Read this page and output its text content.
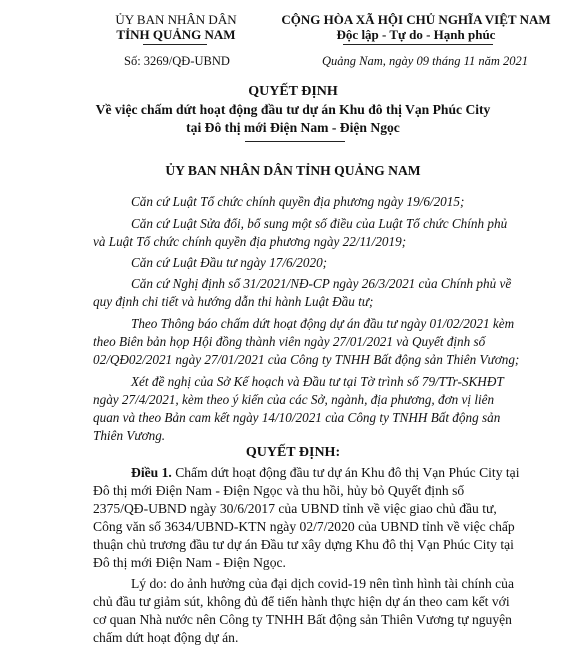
ỦY BAN NHÂN DÂN
TỈNH QUẢNG NAM
CỘNG HÒA XÃ HỘI CHỦ NGHĨA VIỆT NAM
Độc lập - Tự do - Hạnh phúc
Số: 3269/QĐ-UBND	Quảng Nam, ngày 09 tháng 11 năm 2021
QUYẾT ĐỊNH
Về việc chấm dứt hoạt động đầu tư dự án Khu đô thị Vạn Phúc City
tại Đô thị mới Điện Nam - Điện Ngọc
ỦY BAN NHÂN DÂN TỈNH QUẢNG NAM
Căn cứ Luật Tổ chức chính quyền địa phương ngày 19/6/2015;
Căn cứ Luật Sửa đổi, bổ sung một số điều của Luật Tổ chức Chính phủ
và Luật Tổ chức chính quyền địa phương ngày 22/11/2019;
Căn cứ Luật Đầu tư ngày 17/6/2020;
Căn cứ Nghị định số 31/2021/NĐ-CP ngày 26/3/2021 của Chính phủ về
quy định chi tiết và hướng dẫn thi hành Luật Đầu tư;
Theo Thông báo chấm dứt hoạt động dự án đầu tư ngày 01/02/2021 kèm
theo Biên bản họp Hội đồng thành viên ngày 27/01/2021 và Quyết định số
02/QĐ02/2021 ngày 27/01/2021 của Công ty TNHH Bất động sản Thiên Vương;
Xét đề nghị của Sở Kế hoạch và Đầu tư tại Tờ trình số 79/TTr-SKHĐT
ngày 27/4/2021, kèm theo ý kiến của các Sở, ngành, địa phương, đơn vị liên
quan và theo Bản cam kết ngày 14/10/2021 của Công ty TNHH Bất động sản
Thiên Vương.
QUYẾT ĐỊNH:
Điều 1. Chấm dứt hoạt động đầu tư dự án Khu đô thị Vạn Phúc City tại
Đô thị mới Điện Nam - Điện Ngọc và thu hồi, hủy bỏ Quyết định số
2375/QĐ-UBND ngày 30/6/2017 của UBND tỉnh về việc giao chủ đầu tư,
Công văn số 3634/UBND-KTN ngày 02/7/2020 của UBND tỉnh về việc chấp
thuận chủ trương đầu tư dự án Đầu tư xây dựng Khu đô thị Vạn Phúc City tại
Đô thị mới Điện Nam - Điện Ngọc.
Lý do: do ảnh hưởng của đại dịch covid-19 nên tình hình tài chính của
chủ đầu tư giảm sút, không đủ để tiến hành thực hiện dự án theo cam kết với
cơ quan Nhà nước nên Công ty TNHH Bất động sản Thiên Vương tự nguyện
chấm dứt hoạt động dự án.
